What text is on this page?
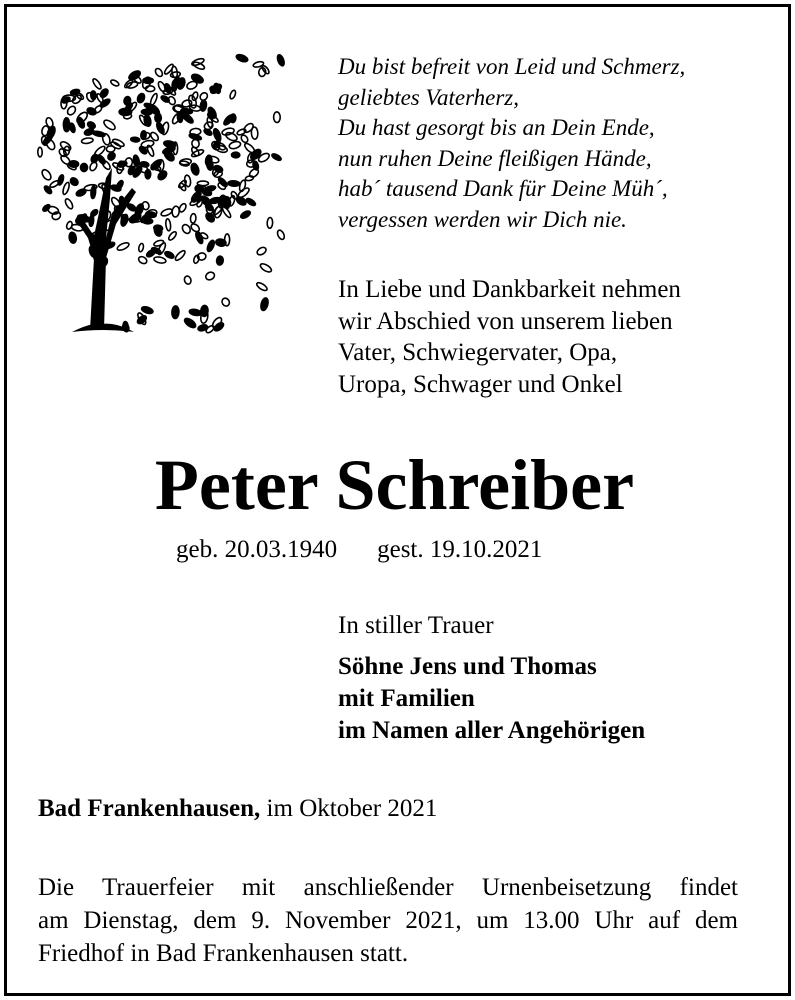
Du bist befreit von Leid und Schmerz,
geliebtes Vaterherz,
Du hast gesorgt bis an Dein Ende,
nun ruhen Deine fleißigen Hände,
hab´ tausend Dank für Deine Müh´,
vergessen werden wir Dich nie.
In Liebe und Dankbarkeit nehmen
wir Abschied von unserem lieben
Vater, Schwiegervater, Opa,
Uropa, Schwager und Onkel
Peter Schreiber
geb. 20.03.1940 gest. 19.10.2021
In stiller Trauer
Söhne Jens und Thomas
mit Familien
im Namen aller Angehörigen
Bad Frankenhausen, im Oktober 2021
Die Trauerfeier mit anschließender Urnenbeisetzung findet
am Dienstag, dem 9. November 2021, um 13.00 Uhr auf dem
Friedhof in Bad Frankenhausen statt.
